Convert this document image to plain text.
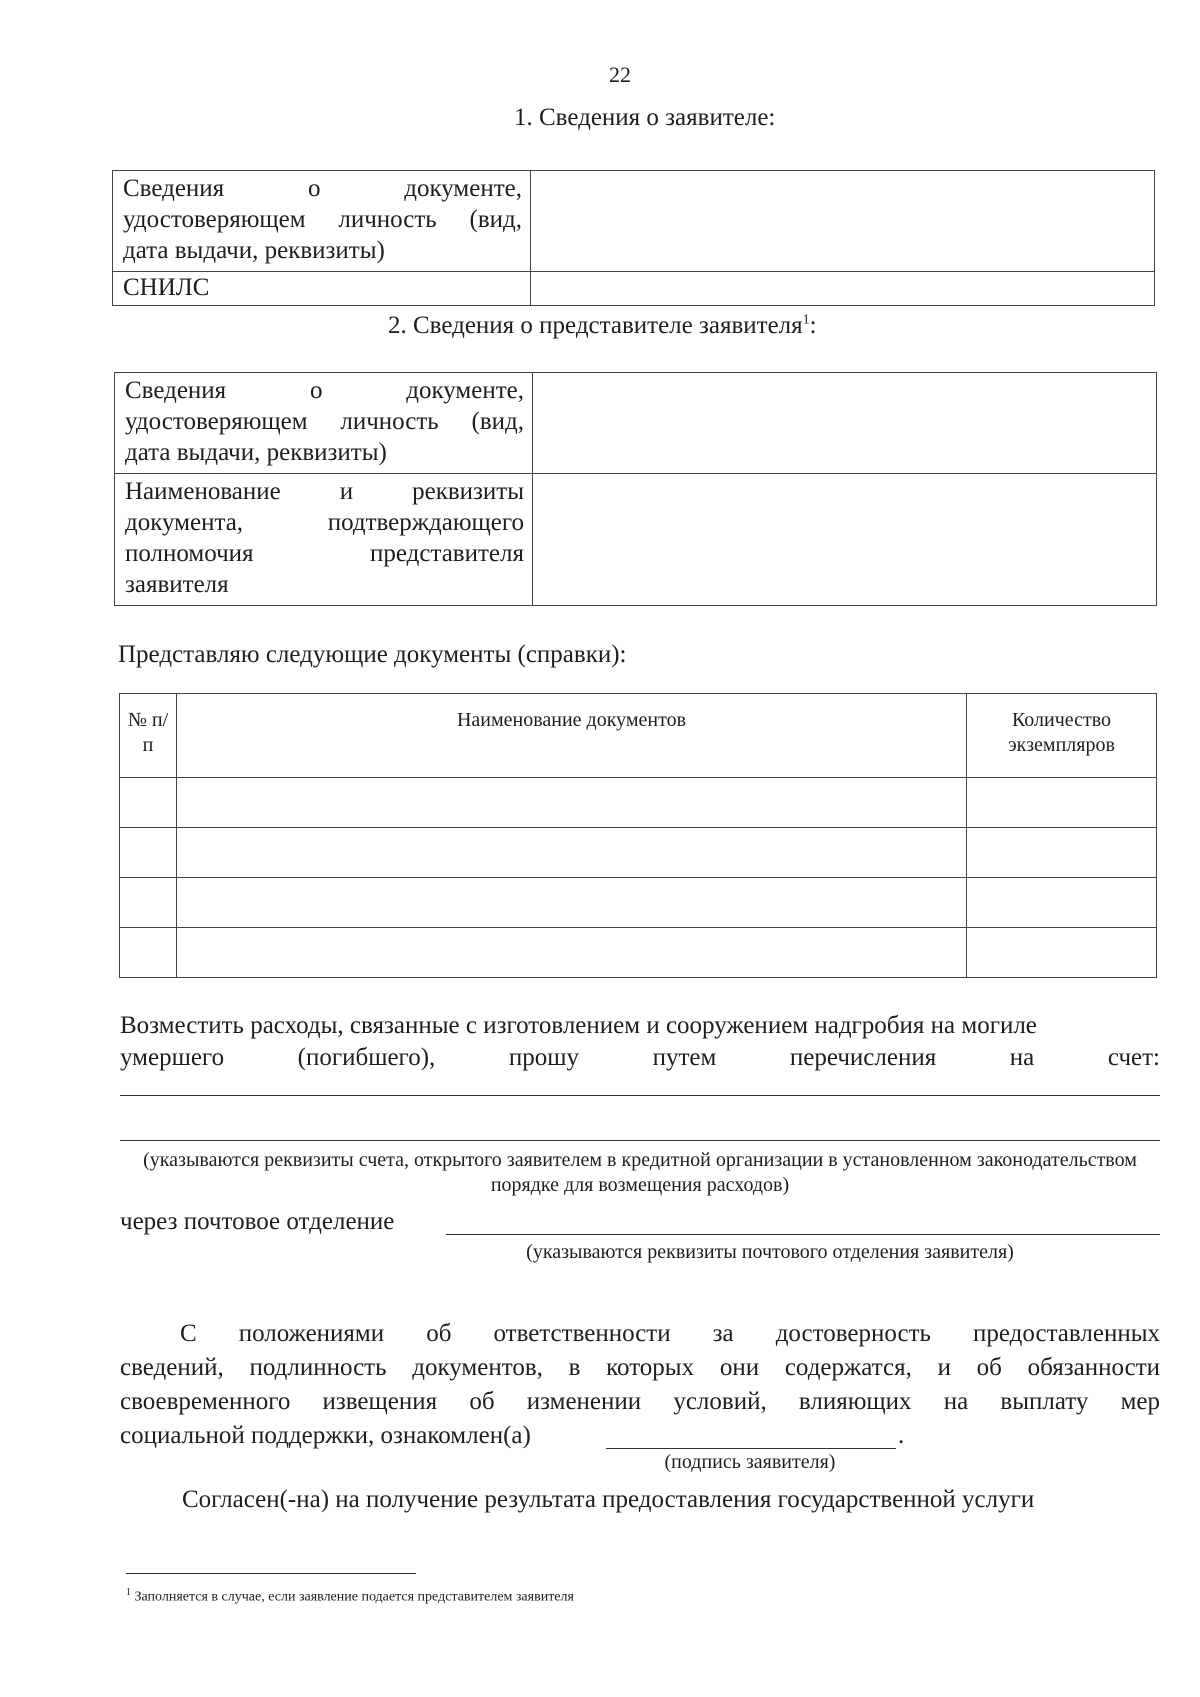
22
1. Сведения о заявителе:
Сведения о документе,
удостоверяющем личность (вид,
дата выдачи, реквизиты)	

СНИЛС	

2. Сведения о представителе заявителя$^1$:
Сведения о документе,
удостоверяющем личность (вид,
дата выдачи, реквизиты)	

Наименование и реквизиты
документа, подтверждающего
полномочия представителя
заявителя	

Представляю следующие документы (справки):
№ п/п	Наименование документов	Количество экземпляров

Возместить расходы, связанные с изготовлением и сооружением надгробия на могиле
умершего (погибшего), прошу путем перечисления на счет:
(указываются реквизиты счета, открытого заявителем в кредитной организации в установленном законодательством порядке для возмещения расходов)
через почтовое отделение
(указываются реквизиты почтового отделения заявителя)
С положениями об ответственности за достоверность предоставленных
сведений, подлинность документов, в которых они содержатся, и об обязанности
своевременного извещения об изменении условий, влияющих на выплату мер
социальной поддержки, ознакомлен(а)	.
(подпись заявителя)
Согласен(-на) на получение результата предоставления государственной услуги
$^1$ Заполняется в случае, если заявление подается представителем заявителя
